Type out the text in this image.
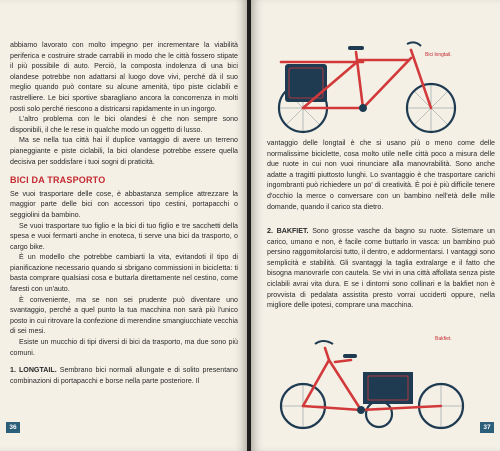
abbiamo lavorato con molto impegno per incrementare la viabilità periferica e costruire strade carrabili in modo che le città fossero stipate il più possibile di auto. Perciò, la composta indolenza di una bici olandese potrebbe non adattarsi al luogo dove vivi, perché dà il suo meglio quando può contare su alcune amenità, tipo piste ciclabili e rastrelliere. Le bici sportive sbaragliano ancora la concorrenza in molti posti solo perché riescono a districarsi rapidamente in un ingorgo.

L'altro problema con le bici olandesi è che non sempre sono disponibili, il che le rese in qualche modo un oggetto di lusso.

Ma se nella tua città hai il duplice vantaggio di avere un terreno pianeggiante e piste ciclabili, la bici olandese potrebbe essere quella decisiva per soddisfare i tuoi sogni di praticità.

BICI DA TRASPORTO

Se vuoi trasportare delle cose, è abbastanza semplice attrezzare la maggior parte delle bici con accessori tipo cestini, portapacchi o seggiolini da bambino.

Se vuoi trasportare tuo figlio e la bici di tuo figlio e tre sacchetti della spesa e vuoi fermarti anche in enoteca, ti serve una bici da trasporto, o cargo bike.

È un modello che potrebbe cambiarti la vita, evitandoti il tipo di pianificazione necessario quando si sbrigano commissioni in bicicletta: ti basta comprare qualsiasi cosa e buttarla direttamente nel cestino, come faresti con un'auto.

È conveniente, ma se non sei prudente può diventare uno svantaggio, perché a quel punto la tua macchina non sarà più l'unico posto in cui ritrovare la confezione di merendine smangiucchiate vecchia di sei mesi.

Esiste un mucchio di tipi diversi di bici da trasporto, ma due sono più comuni.

1. LONGTAIL. Sembrano bici normali allungate e di solito presentano combinazioni di portapacchi e borse nella parte posteriore. Il

36
Bici longtail.

vantaggio delle longtail è che si usano più o meno come delle normalissime biciclette, cosa molto utile nelle città poco a misura delle due ruote in cui non vuoi rinunciare alla manovrabilità. Sono anche adatte a tragitti piuttosto lunghi. Lo svantaggio è che trasportare carichi ingombranti può richiedere un po' di creatività. È poi è più difficile tenere d'occhio la merce o conversare con un bambino nell'età delle mille domande, quando il carico sta dietro.

2. BAKFIET. Sono grosse vasche da bagno su ruote. Sistemare un carico, umano e non, è facile come buttarlo in vasca: un bambino può persino raggomitolarcisi tutto, il dentro, e addormentarsi. I vantaggi sono semplicità e stabilità. Gli svantaggi la taglia extralarge e il fatto che bisogna manovrarle con cautela. Se vivi in una città affollata senza piste ciclabili avrai vita dura. E se i dintorni sono collinari e la bakfiet non è provvista di pedalata assistita presto vorrai ucciderti oppure, nella migliore delle ipotesi, comprare una macchina.

Bakfiet.
37
